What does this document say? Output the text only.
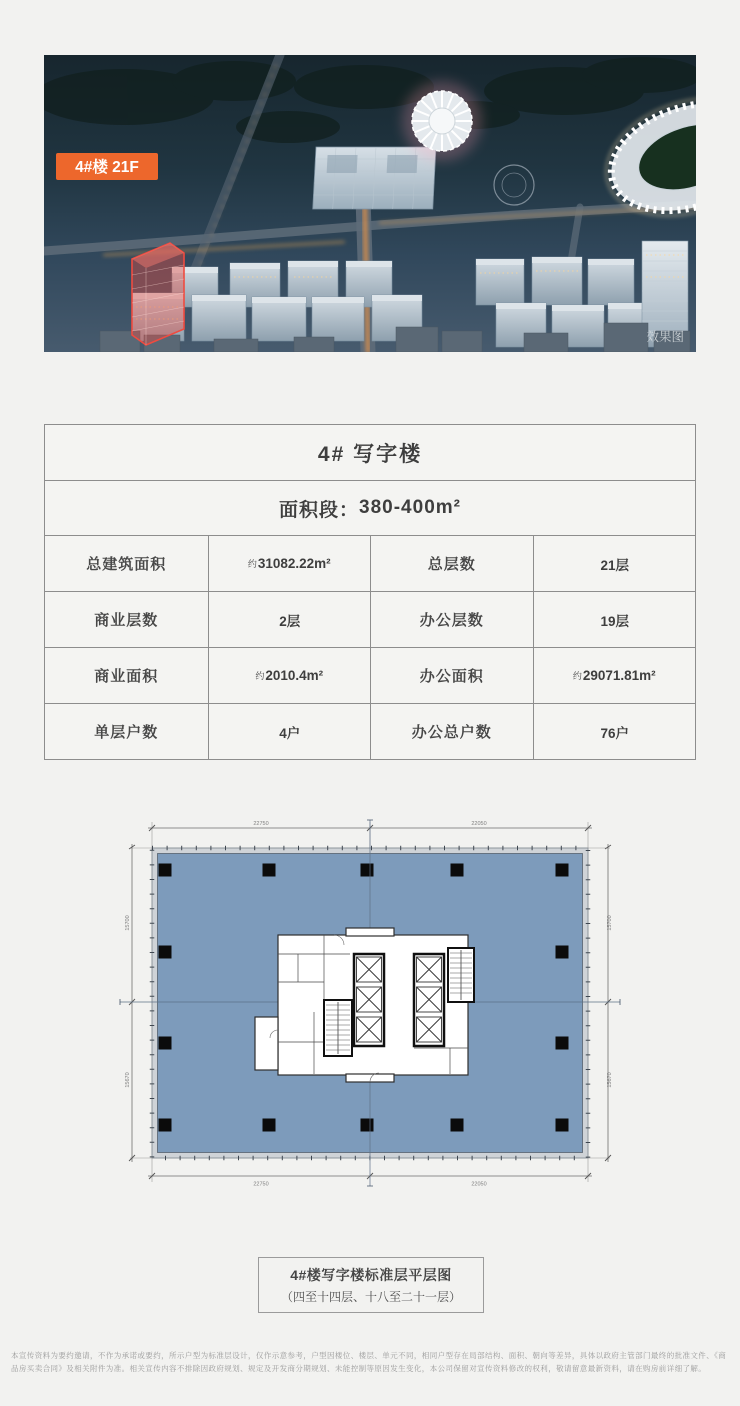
4#楼 21F
效果图
4# 写字楼
面积段： 380-400m²
总建筑面积	约 31082.22m²	总层数	21层
商业层数	2层	办公层数	19层
商业面积	约 2010.4m²	办公面积	约 29071.81m²
单层户数	4户	办公总户数	76户
22750	22050
22750	22050
15700
15670
15700
15670
4#楼写字楼标准层平层图
（四至十四层、十八至二十一层）
本宣传资料为要约邀请，不作为承诺或要约，所示户型为标准层设计，仅作示意参考，户型因楼位、楼层、单元不同，相同户型存在局部结构、面积、朝向等差异，具体以政府主管部门最终的批准文件、《商品房买卖合同》及相关附件为准。相关宣传内容不排除因政府规划、规定及开发商分期规划、未能控制等原因发生变化，本公司保留对宣传资料修改的权利，敬请留意最新资料，请在购房前详细了解。
